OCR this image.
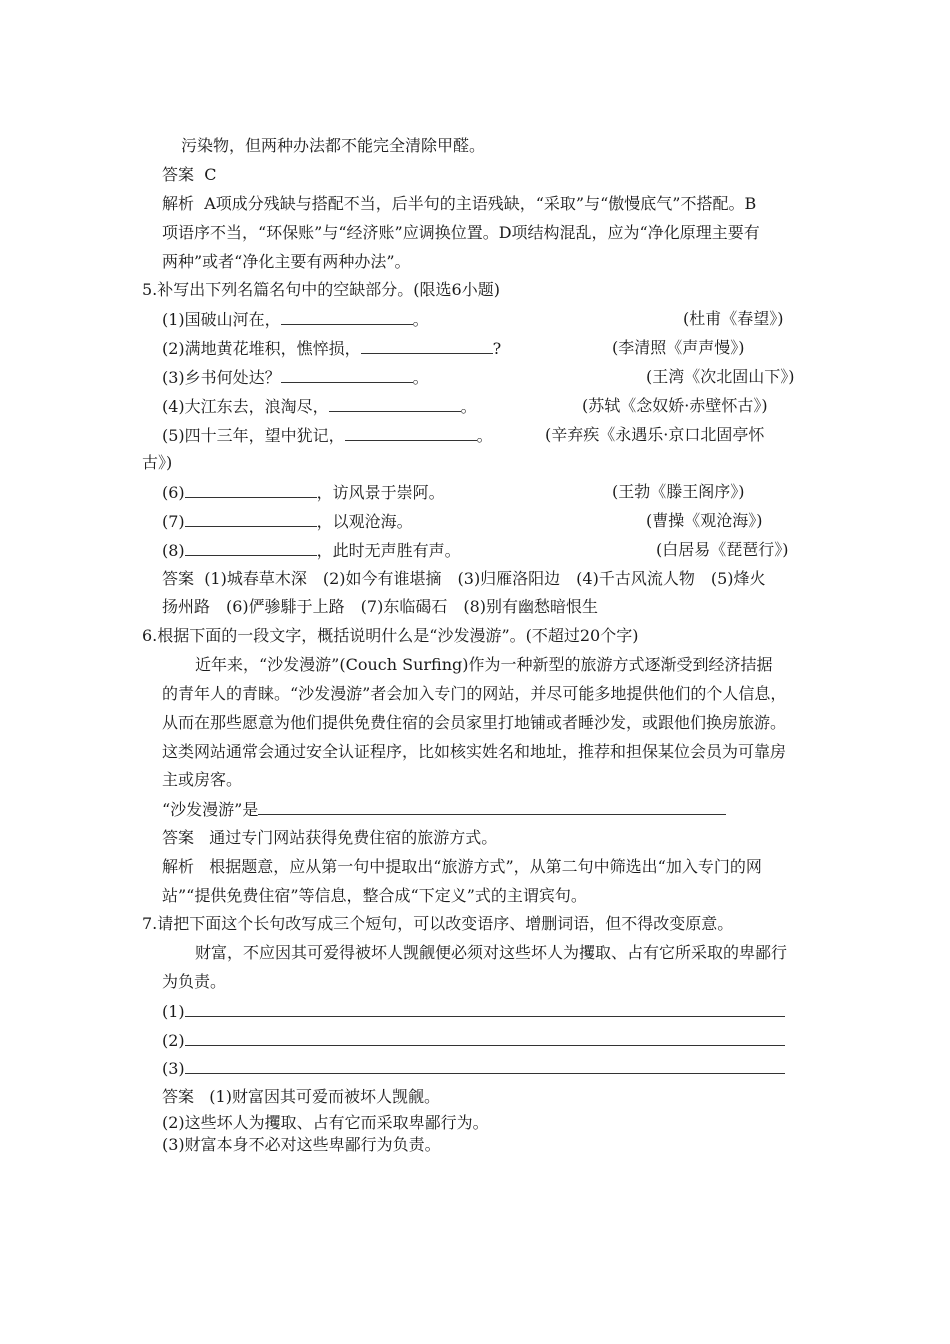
污染物，但两种办法都不能完全清除甲醛。
答案 C
解析 A项成分残缺与搭配不当，后半句的主语残缺，“采取”与“傲慢底气”不搭配。B
项语序不当，“环保账”与“经济账”应调换位置。D项结构混乱，应为“净化原理主要有
两种”或者“净化主要有两种办法”。
5.补写出下列名篇名句中的空缺部分。(限选6小题)
(1)国破山河在，	。	(杜甫《春望》)
(2)满地黄花堆积，憔悴损，	?	(李清照《声声慢》)
(3)乡书何处达？	。	(王湾《次北固山下》)
(4)大江东去，浪淘尽，	。	(苏轼《念奴娇·赤壁怀古》)
(5)四十三年，望中犹记，	。	(辛弃疾《永遇乐·京口北固亭怀
古》)
(6)	，访风景于崇阿。	(王勃《滕王阁序》)
(7)	，以观沧海。	(曹操《观沧海》)
(8)	，此时无声胜有声。	(白居易《琵琶行》)
答案 (1)城春草木深　(2)如今有谁堪摘　(3)归雁洛阳边　(4)千古风流人物　(5)烽火
扬州路　(6)俨骖騑于上路　(7)东临碣石　(8)别有幽愁暗恨生
6.根据下面的一段文字，概括说明什么是“沙发漫游”。(不超过20个字)
近年来，“沙发漫游”(Couch Surfing)作为一种新型的旅游方式逐渐受到经济拮据
的青年人的青睐。“沙发漫游”者会加入专门的网站，并尽可能多地提供他们的个人信息，
从而在那些愿意为他们提供免费住宿的会员家里打地铺或者睡沙发，或跟他们换房旅游。
这类网站通常会通过安全认证程序，比如核实姓名和地址，推荐和担保某位会员为可靠房
主或房客。
“沙发漫游”是
答案 通过专门网站获得免费住宿的旅游方式。
解析 根据题意，应从第一句中提取出“旅游方式”，从第二句中筛选出“加入专门的网
站”“提供免费住宿”等信息，整合成“下定义”式的主谓宾句。
7.请把下面这个长句改写成三个短句，可以改变语序、增删词语，但不得改变原意。
财富，不应因其可爱得被坏人觊觎便必须对这些坏人为攫取、占有它所采取的卑鄙行
为负责。
(1)
(2)
(3)
答案 (1)财富因其可爱而被坏人觊觎。
(2)这些坏人为攫取、占有它而采取卑鄙行为。
(3)财富本身不必对这些卑鄙行为负责。
